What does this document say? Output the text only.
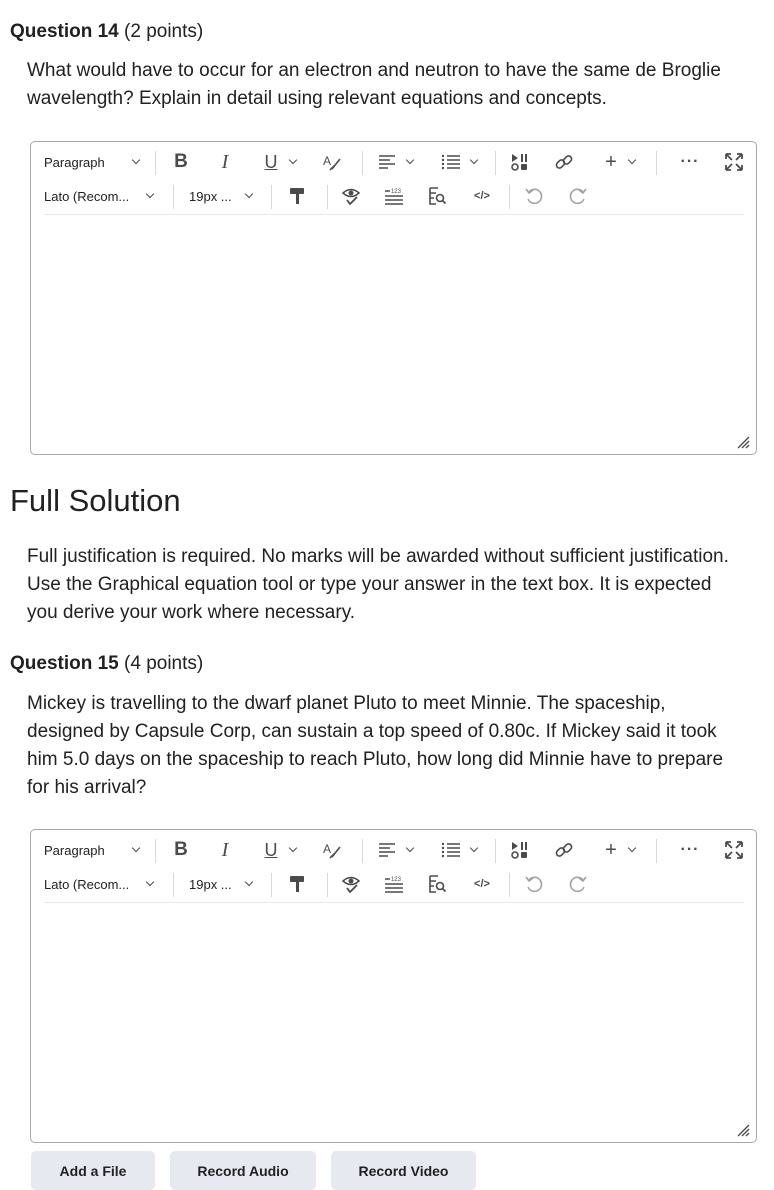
Question 14 (2 points)
What would have to occur for an electron and neutron to have the same de Broglie wavelength? Explain in detail using relevant equations and concepts.
Paragraph	B	I	U	A	+	···
Lato (Recom...	19px ...	123	</>
Full Solution
Full justification is required. No marks will be awarded without sufficient justification. Use the Graphical equation tool or type your answer in the text box. It is expected you derive your work where necessary.
Question 15 (4 points)
Mickey is travelling to the dwarf planet Pluto to meet Minnie. The spaceship, designed by Capsule Corp, can sustain a top speed of 0.80c. If Mickey said it took him 5.0 days on the spaceship to reach Pluto, how long did Minnie have to prepare for his arrival?
Paragraph	B	I	U	A	+	···
Lato (Recom...	19px ...	123	</>
Add a File	Record Audio	Record Video
